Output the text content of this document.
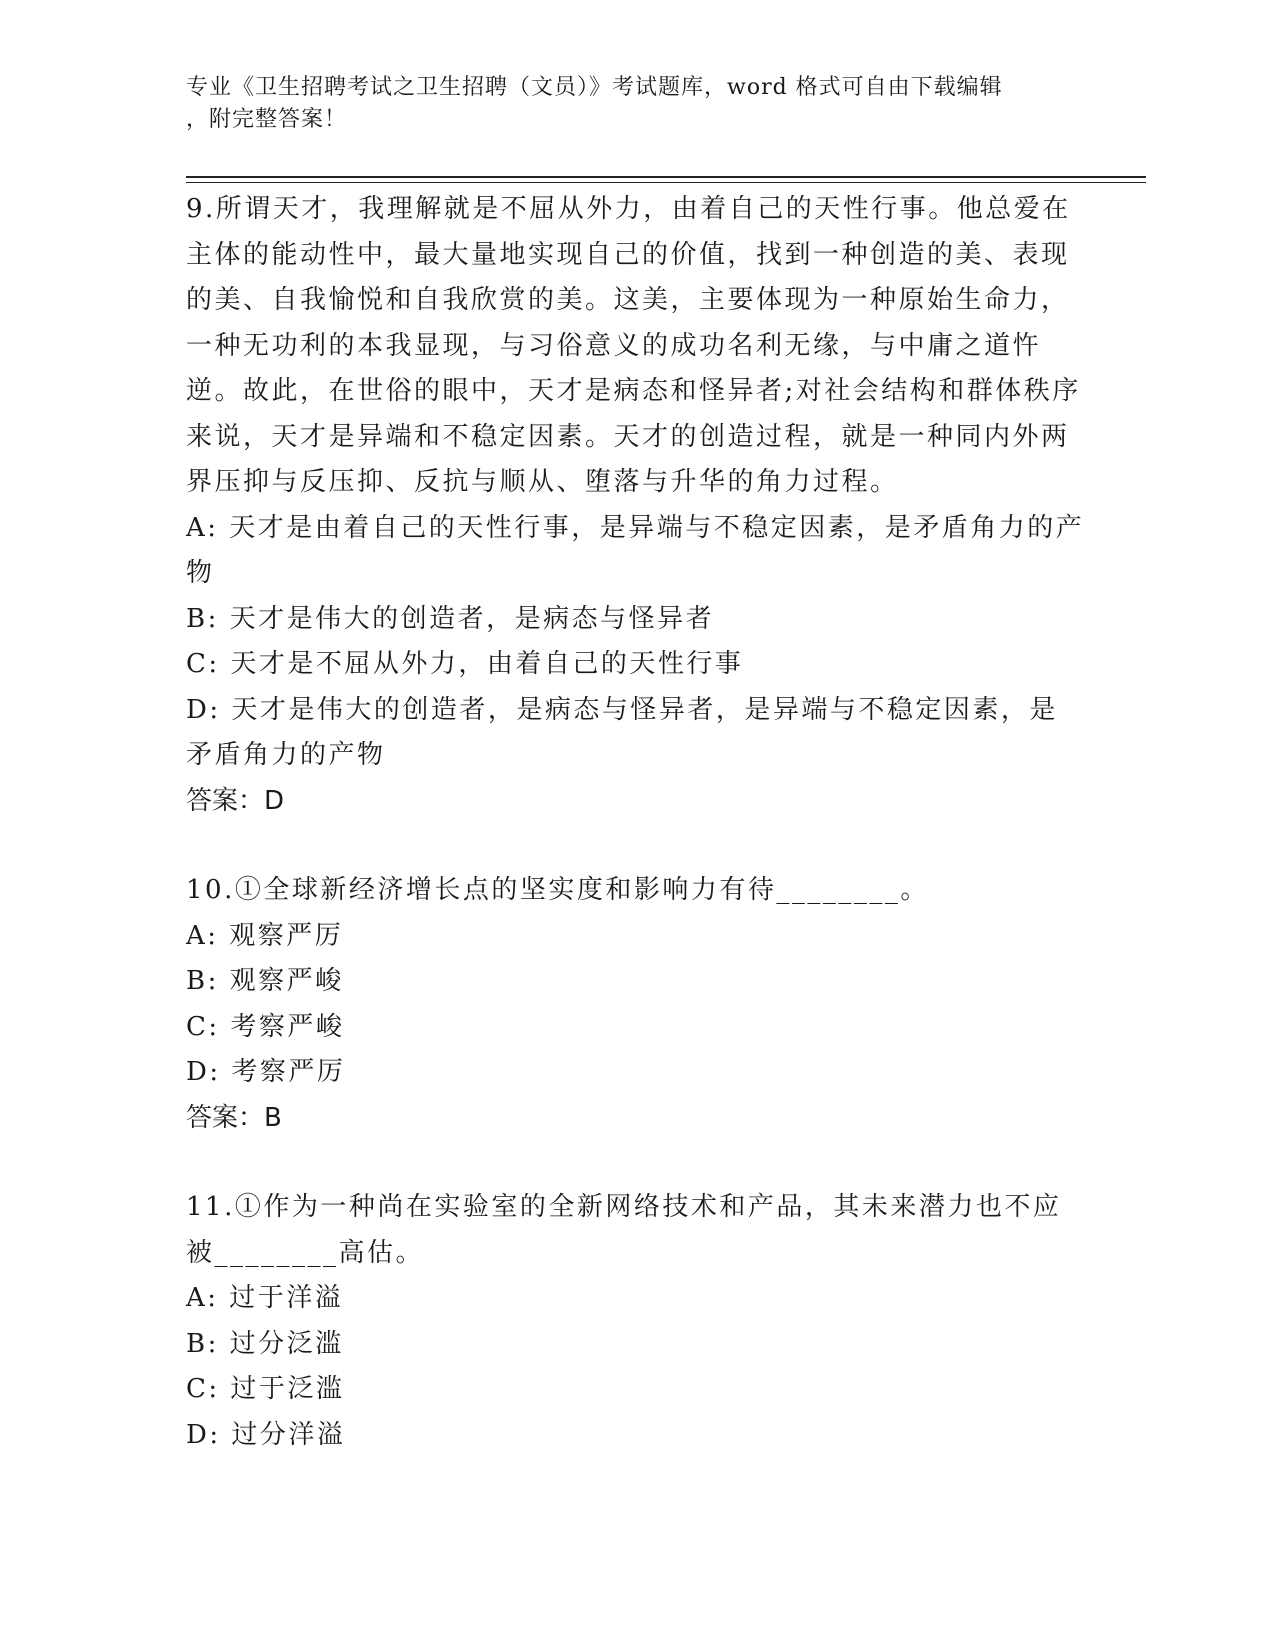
专业《卫生招聘考试之卫生招聘（文员）》考试题库，word 格式可自由下载编辑
，附完整答案！
9.所谓天才，我理解就是不屈从外力，由着自己的天性行事。他总爱在主体的能动性中，最大量地实现自己的价值，找到一种创造的美、表现的美、自我愉悦和自我欣赏的美。这美，主要体现为一种原始生命力，一种无功利的本我显现，与习俗意义的成功名利无缘，与中庸之道忤逆。故此，在世俗的眼中，天才是病态和怪异者;对社会结构和群体秩序来说，天才是异端和不稳定因素。天才的创造过程，就是一种同内外两界压抑与反压抑、反抗与顺从、堕落与升华的角力过程。
A: 天才是由着自己的天性行事，是异端与不稳定因素，是矛盾角力的产物
B: 天才是伟大的创造者，是病态与怪异者
C: 天才是不屈从外力，由着自己的天性行事
D: 天才是伟大的创造者，是病态与怪异者，是异端与不稳定因素，是矛盾角力的产物
答案：D
10.①全球新经济增长点的坚实度和影响力有待________。
A: 观察严厉
B: 观察严峻
C: 考察严峻
D: 考察严厉
答案：B
11.①作为一种尚在实验室的全新网络技术和产品，其未来潜力也不应被________高估。
A: 过于洋溢
B: 过分泛滥
C: 过于泛滥
D: 过分洋溢
